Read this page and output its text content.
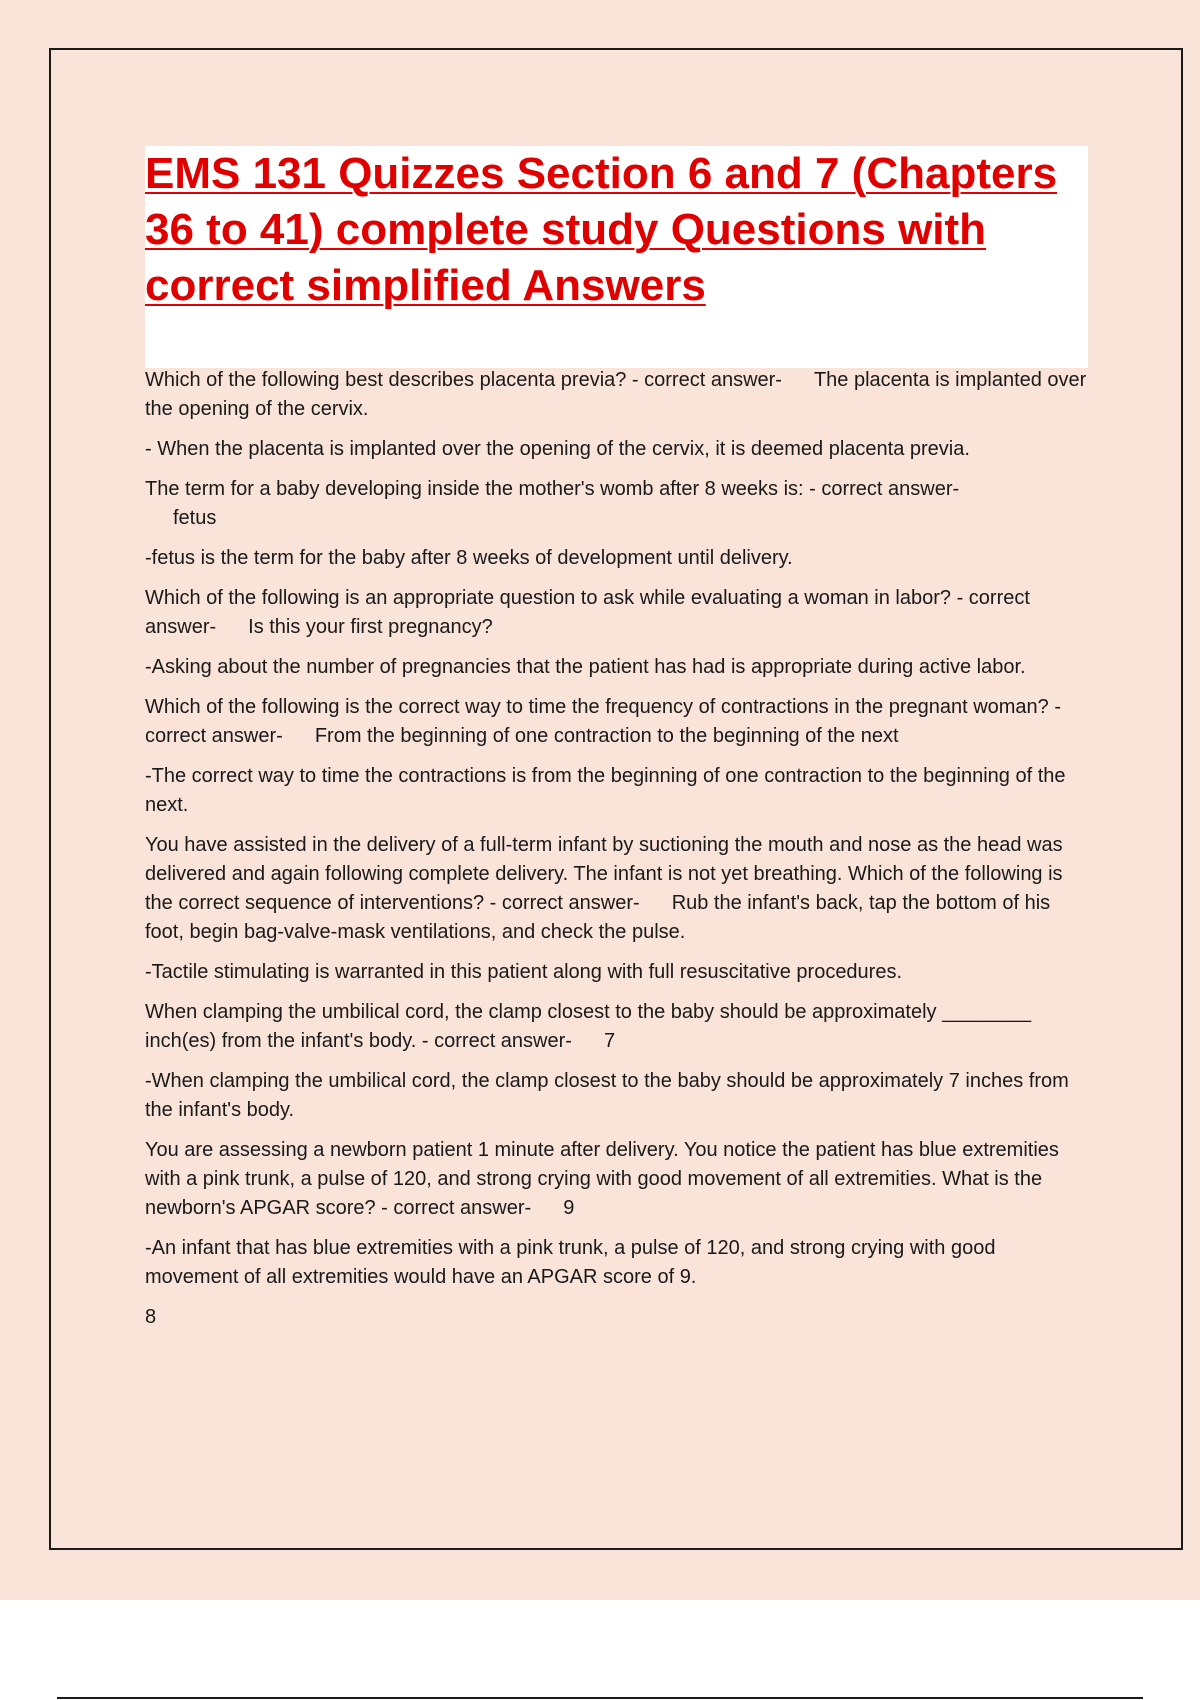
EMS 131 Quizzes Section 6 and 7 (Chapters 36 to 41) complete study Questions with correct simplified Answers

Which of the following best describes placenta previa? - correct answer- The placenta is implanted over the opening of the cervix.

- When the placenta is implanted over the opening of the cervix, it is deemed placenta previa.

The term for a baby developing inside the mother's womb after 8 weeks is: - correct answer-
fetus

-fetus is the term for the baby after 8 weeks of development until delivery.

Which of the following is an appropriate question to ask while evaluating a woman in labor? - correct answer- Is this your first pregnancy?

-Asking about the number of pregnancies that the patient has had is appropriate during active labor.

Which of the following is the correct way to time the frequency of contractions in the pregnant woman? - correct answer- From the beginning of one contraction to the beginning of the next

-The correct way to time the contractions is from the beginning of one contraction to the beginning of the next.

You have assisted in the delivery of a full-term infant by suctioning the mouth and nose as the head was delivered and again following complete delivery. The infant is not yet breathing. Which of the following is the correct sequence of interventions? - correct answer- Rub the infant's back, tap the bottom of his foot, begin bag-valve-mask ventilations, and check the pulse.

-Tactile stimulating is warranted in this patient along with full resuscitative procedures.

When clamping the umbilical cord, the clamp closest to the baby should be approximately ________ inch(es) from the infant's body. - correct answer- 7

-When clamping the umbilical cord, the clamp closest to the baby should be approximately 7 inches from the infant's body.

You are assessing a newborn patient 1 minute after delivery. You notice the patient has blue extremities with a pink trunk, a pulse of 120, and strong crying with good movement of all extremities. What is the newborn's APGAR score? - correct answer- 9

-An infant that has blue extremities with a pink trunk, a pulse of 120, and strong crying with good movement of all extremities would have an APGAR score of 9.

8
